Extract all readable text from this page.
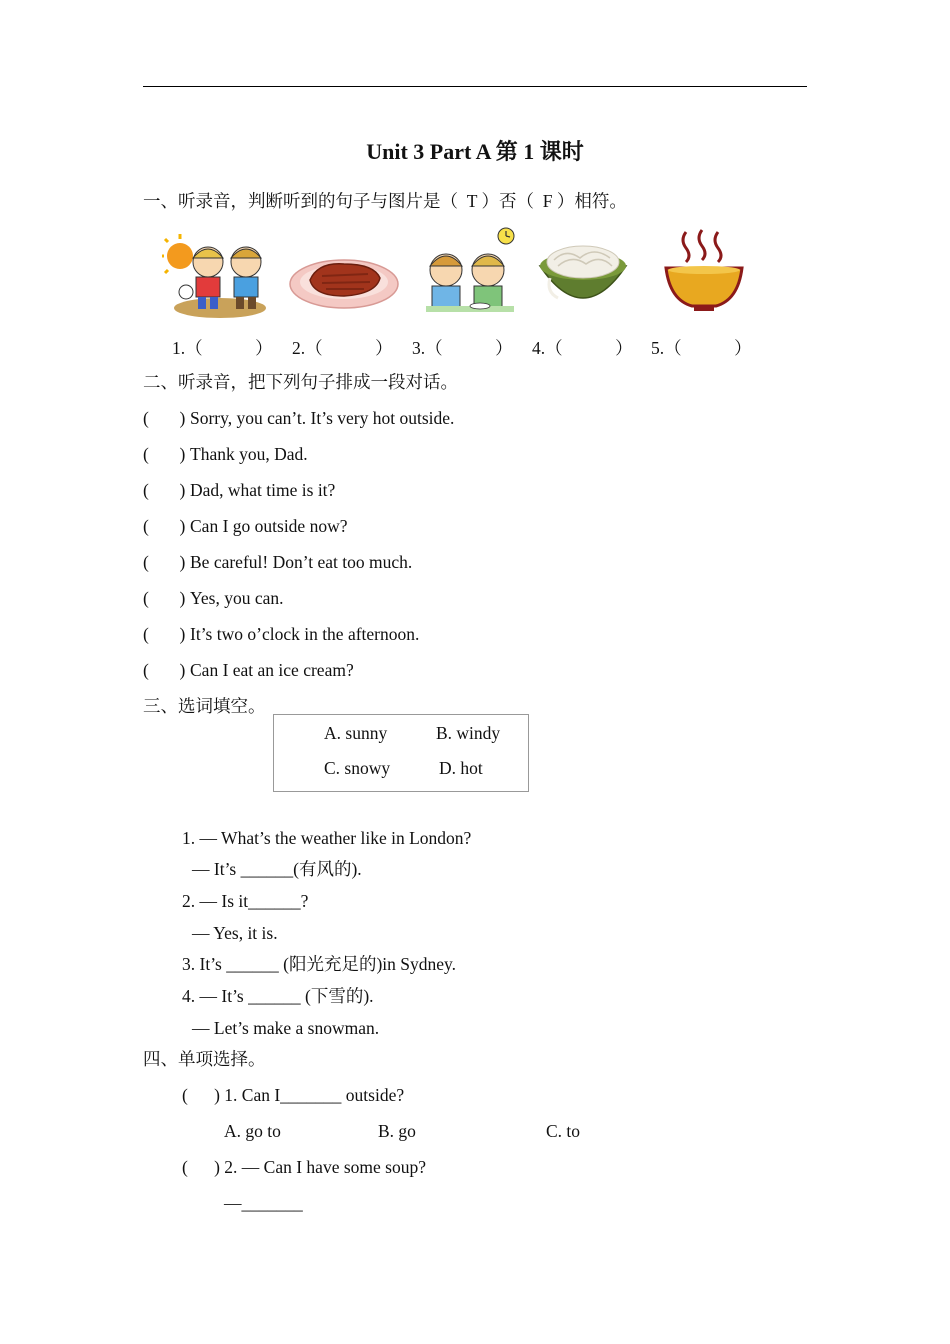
Unit 3 Part A 第 1 课时
一、听录音，判断听到的句子与图片是（  T ）否（  F ）相符。
1.（            ） 2.（            ） 3.（            ） 4.（            ） 5.（            ）
二、听录音，把下列句子排成一段对话。
(       ) Sorry, you can’t. It’s very hot outside.
(       ) Thank you, Dad.
(       ) Dad, what time is it?
(       ) Can I go outside now?
(       ) Be careful! Don’t eat too much.
(       ) Yes, you can.
(       ) It’s two o’clock in the afternoon.
(       ) Can I eat an ice cream?
三、选词填空。
A. sunny	B. windy
C. snowy	D. hot
1. — What’s the weather like in London?
— It’s ______(有风的).
2. — Is it______?
— Yes, it is.
3. It’s ______ (阳光充足的)in Sydney.
4. — It’s ______ (下雪的).
— Let’s make a snowman.
四、单项选择。
(      ) 1. Can I_______ outside?
A. go to	B. go	C. to
(      ) 2. — Can I have some soup?
—_______
